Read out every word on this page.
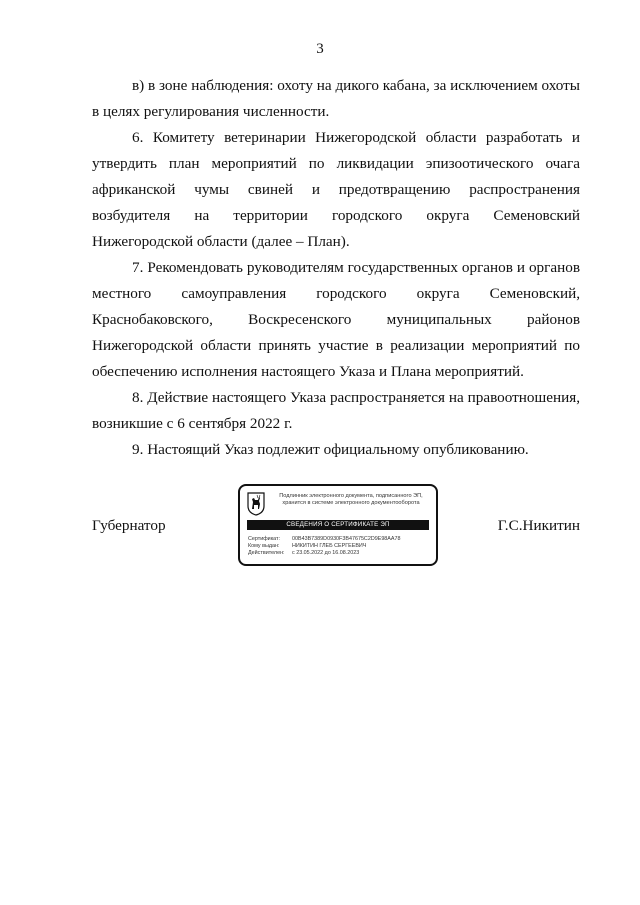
3

в) в зоне наблюдения: охоту на дикого кабана, за исключением охоты в целях регулирования численности.

6. Комитету ветеринарии Нижегородской области разработать и утвердить план мероприятий по ликвидации эпизоотического очага африканской чумы свиней и предотвращению распространения возбудителя на территории городского округа Семеновский Нижегородской области (далее – План).

7. Рекомендовать руководителям государственных органов и органов местного самоуправления городского округа Семеновский, Краснобаковского, Воскресенского муниципальных районов Нижегородской области принять участие в реализации мероприятий по обеспечению исполнения настоящего Указа и Плана мероприятий.

8. Действие настоящего Указа распространяется на правоотношения, возникшие с 6 сентября 2022 г.

9. Настоящий Указ подлежит официальному опубликованию.

Губернатор
Подлинник электронного документа, подписанного ЭП, хранится в системе электронного документооборота
СВЕДЕНИЯ О СЕРТИФИКАТЕ ЭП
Сертификат: 00B43B7389D0930F3B47675C2D9E98AA78
Кому выдан: НИКИТИН ГЛЕБ СЕРГЕЕВИЧ
Действителен: с 23.05.2022 до 16.08.2023
Г.С.Никитин
